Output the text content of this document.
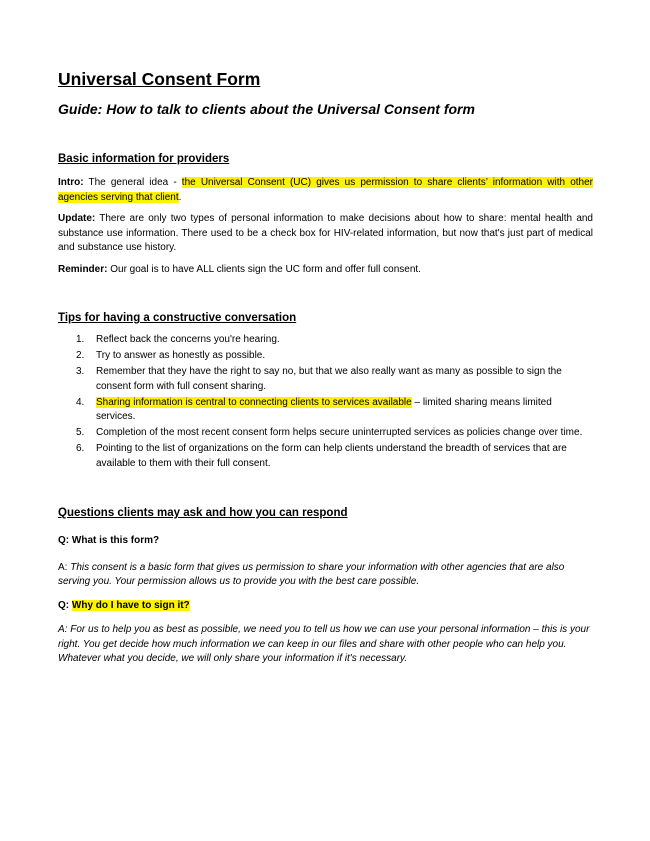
Universal Consent Form
Guide: How to talk to clients about the Universal Consent form
Basic information for providers

Intro: The general idea - the Universal Consent (UC) gives us permission to share clients’ information with other agencies serving that client.

Update: There are only two types of personal information to make decisions about how to share: mental health and substance use information. There used to be a check box for HIV-related information, but now that's just part of medical and substance use history.

Reminder: Our goal is to have ALL clients sign the UC form and offer full consent.

Tips for having a constructive conversation
1. Reflect back the concerns you're hearing.
2. Try to answer as honestly as possible.
3. Remember that they have the right to say no, but that we also really want as many as possible to sign the consent form with full consent sharing.
4. Sharing information is central to connecting clients to services available – limited sharing means limited services.
5. Completion of the most recent consent form helps secure uninterrupted services as policies change over time.
6. Pointing to the list of organizations on the form can help clients understand the breadth of services that are available to them with their full consent.
Questions clients may ask and how you can respond

Q: What is this form?

A: This consent is a basic form that gives us permission to share your information with other agencies that are also serving you. Your permission allows us to provide you with the best care possible.

Q: Why do I have to sign it?

A: For us to help you as best as possible, we need you to tell us how we can use your personal information – this is your right. You get decide how much information we can keep in our files and share with other people who can help you. Whatever what you decide, we will only share your information if it's necessary.
